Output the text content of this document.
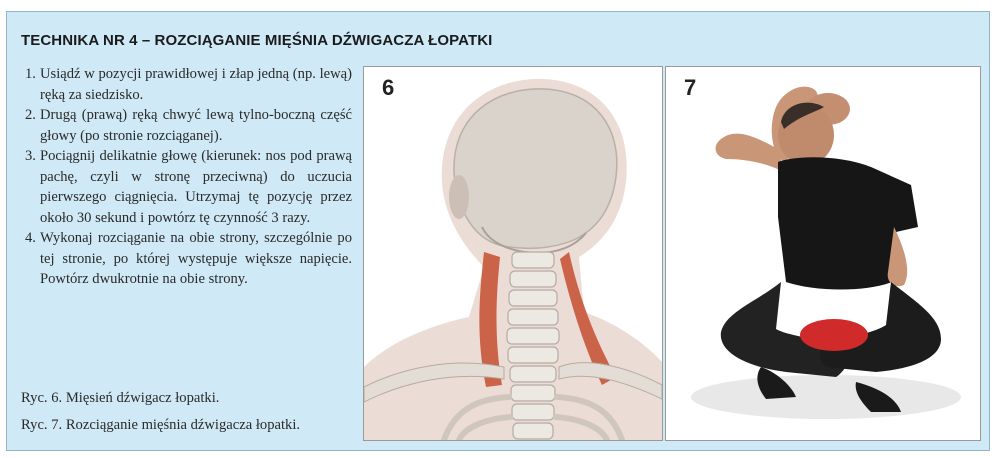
TECHNIKA NR 4 – ROZCIĄGANIE MIĘŚNIA DŹWIGACZA ŁOPATKI
1. Usiądź w pozycji prawidłowej i złap jedną (np. lewą) ręką za siedzisko.
2. Drugą (prawą) ręką chwyć lewą tylno-boczną część głowy (po stronie rozciąganej).
3. Pociągnij delikatnie głowę (kierunek: nos pod prawą pachę, czyli w stronę przeciwną) do uczucia pierwszego ciągnięcia. Utrzymaj tę pozycję przez około 30 sekund i powtórz tę czynność 3 razy.
4. Wykonaj rozciąganie na obie strony, szczególnie po tej stronie, po której występuje większe napięcie. Powtórz dwukrotnie na obie strony.
Ryc. 6. Mięsień dźwigacz łopatki.
Ryc. 7. Rozciąganie mięśnia dźwigacza łopatki.
6	7
